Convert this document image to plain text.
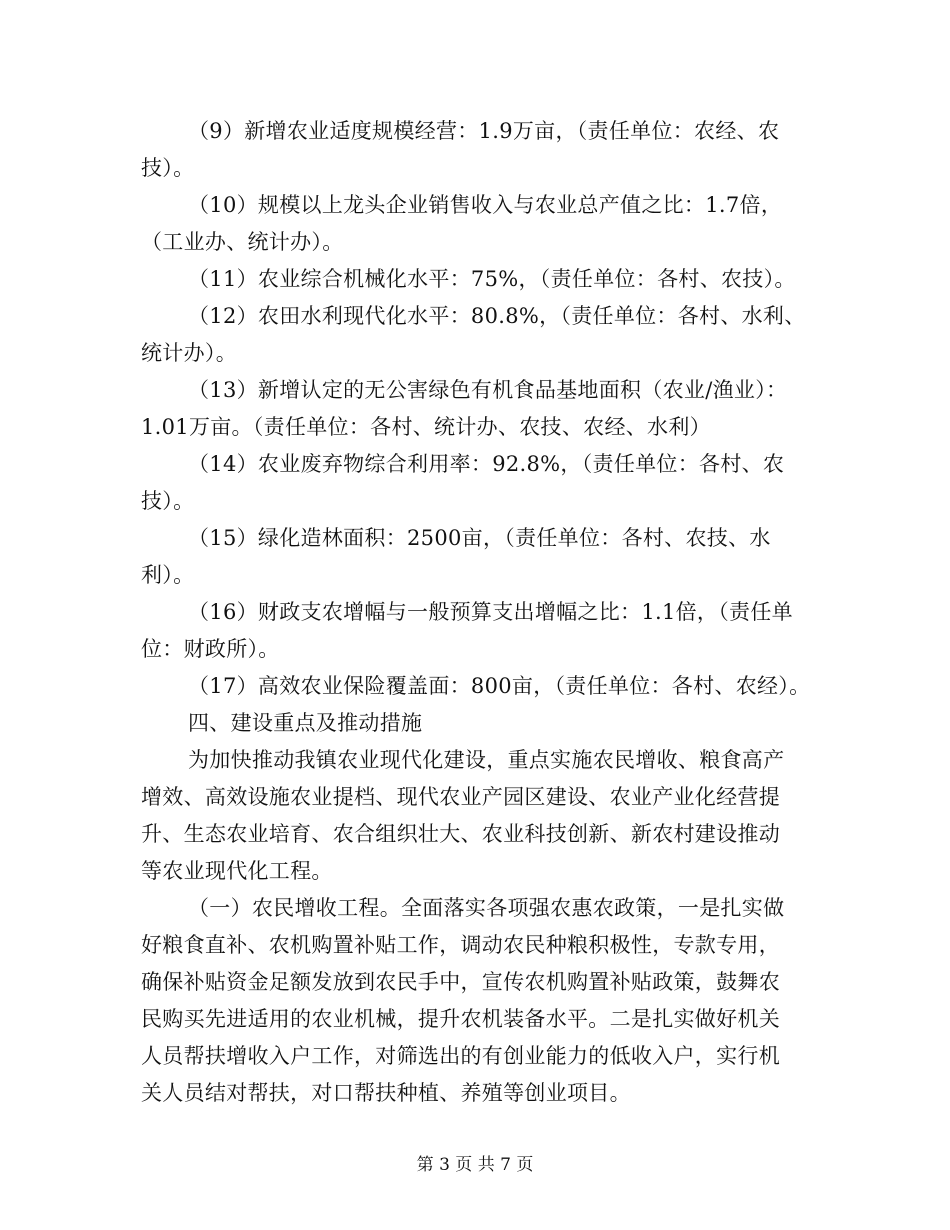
（9）新增农业适度规模经营：1.9万亩，（责任单位：农经、农
技）。
（10）规模以上龙头企业销售收入与农业总产值之比：1.7倍，
（工业办、统计办）。
（11）农业综合机械化水平：75%，（责任单位：各村、农技）。
（12）农田水利现代化水平：80.8%，（责任单位：各村、水利、
统计办）。
（13）新增认定的无公害绿色有机食品基地面积（农业/渔业）：
1.01万亩。（责任单位：各村、统计办、农技、农经、水利）
（14）农业废弃物综合利用率：92.8%，（责任单位：各村、农
技）。
（15）绿化造林面积：2500亩，（责任单位：各村、农技、水
利）。
（16）财政支农增幅与一般预算支出增幅之比：1.1倍，（责任单
位：财政所）。
（17）高效农业保险覆盖面：800亩，（责任单位：各村、农经）。
四、建设重点及推动措施
为加快推动我镇农业现代化建设，重点实施农民增收、粮食高产
增效、高效设施农业提档、现代农业产园区建设、农业产业化经营提
升、生态农业培育、农合组织壮大、农业科技创新、新农村建设推动
等农业现代化工程。
（一）农民增收工程。全面落实各项强农惠农政策，一是扎实做
好粮食直补、农机购置补贴工作，调动农民种粮积极性，专款专用，
确保补贴资金足额发放到农民手中，宣传农机购置补贴政策，鼓舞农
民购买先进适用的农业机械，提升农机装备水平。二是扎实做好机关
人员帮扶增收入户工作，对筛选出的有创业能力的低收入户，实行机
关人员结对帮扶，对口帮扶种植、养殖等创业项目。
第 3 页 共 7 页
